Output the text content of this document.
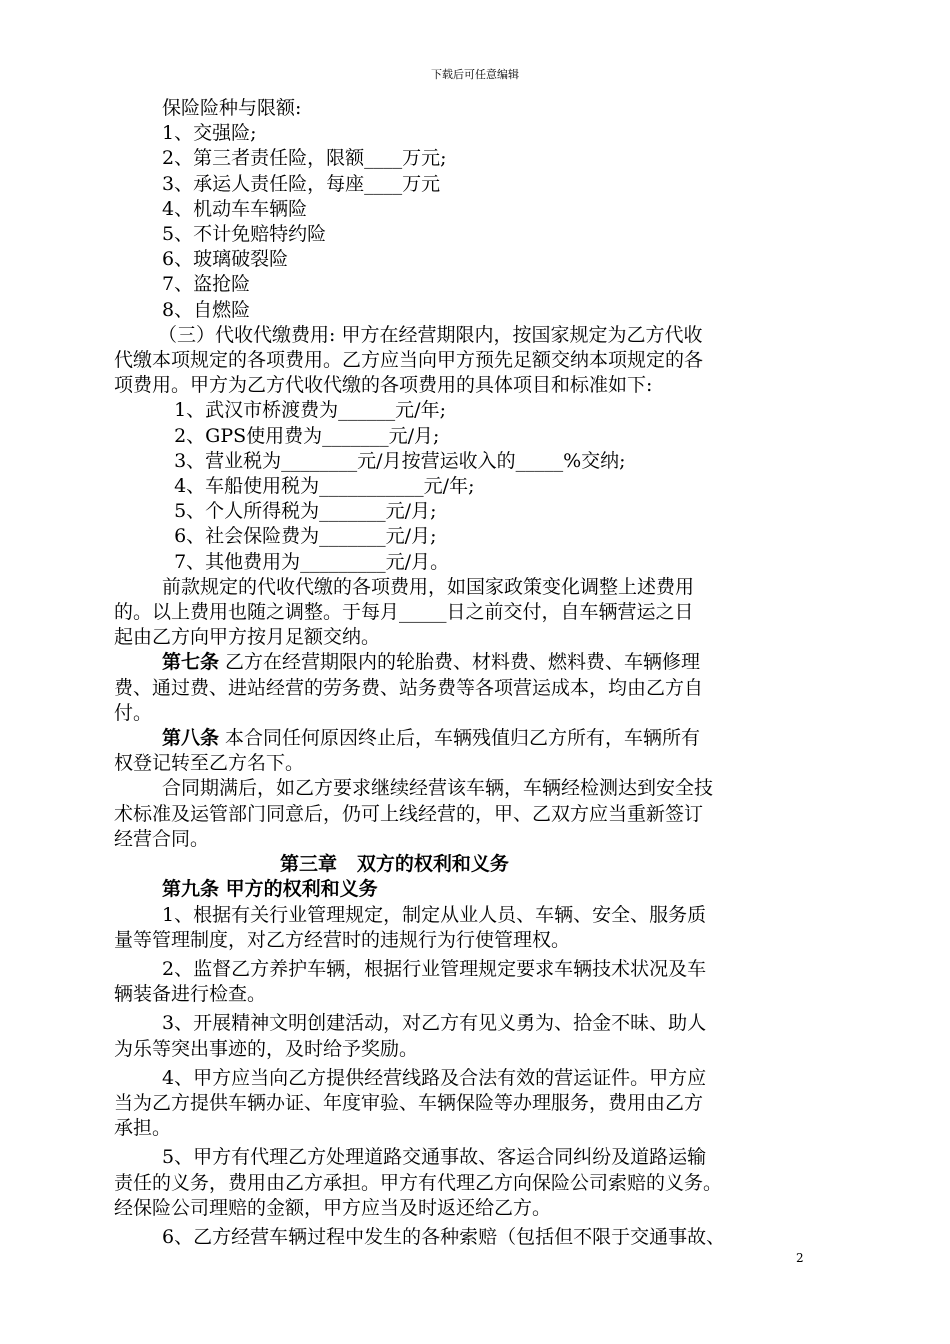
下载后可任意编辑

保险险种与限额:

1、交强险;

2、第三者责任险，限额____万元;

3、承运人责任险，每座____万元

4、机动车车辆险

5、不计免赔特约险

6、玻璃破裂险

7、盗抢险

8、自燃险

（三）代收代缴费用: 甲方在经营期限内，按国家规定为乙方代收

代缴本项规定的各项费用。乙方应当向甲方预先足额交纳本项规定的各

项费用。甲方为乙方代收代缴的各项费用的具体项目和标准如下:

1、武汉市桥渡费为______元/年;

2、GPS使用费为_______元/月;

3、营业税为________元/月按营运收入的_____%交纳;

4、车船使用税为___________元/年;

5、个人所得税为_______元/月;

6、社会保险费为_______元/月;

7、其他费用为_________元/月。

前款规定的代收代缴的各项费用，如国家政策变化调整上述费用

的。以上费用也随之调整。于每月_____日之前交付，自车辆营运之日

起由乙方向甲方按月足额交纳。

第七条 乙方在经营期限内的轮胎费、材料费、燃料费、车辆修理

费、通过费、进站经营的劳务费、站务费等各项营运成本，均由乙方自

付。

第八条 本合同任何原因终止后，车辆残值归乙方所有，车辆所有

权登记转至乙方名下。

合同期满后，如乙方要求继续经营该车辆，车辆经检测达到安全技

术标准及运管部门同意后，仍可上线经营的，甲、乙双方应当重新签订

经营合同。

第三章   双方的权利和义务

第九条 甲方的权利和义务

1、根据有关行业管理规定，制定从业人员、车辆、安全、服务质

量等管理制度，对乙方经营时的违规行为行使管理权。

2、监督乙方养护车辆，根据行业管理规定要求车辆技术状况及车

辆装备进行检查。

3、开展精神文明创建活动，对乙方有见义勇为、拾金不昧、助人

为乐等突出事迹的，及时给予奖励。

4、甲方应当向乙方提供经营线路及合法有效的营运证件。甲方应

当为乙方提供车辆办证、年度审验、车辆保险等办理服务，费用由乙方

承担。

5、甲方有代理乙方处理道路交通事故、客运合同纠纷及道路运输

责任的义务，费用由乙方承担。甲方有代理乙方向保险公司索赔的义务。

经保险公司理赔的金额，甲方应当及时返还给乙方。

6、乙方经营车辆过程中发生的各种索赔（包括但不限于交通事故、

2
